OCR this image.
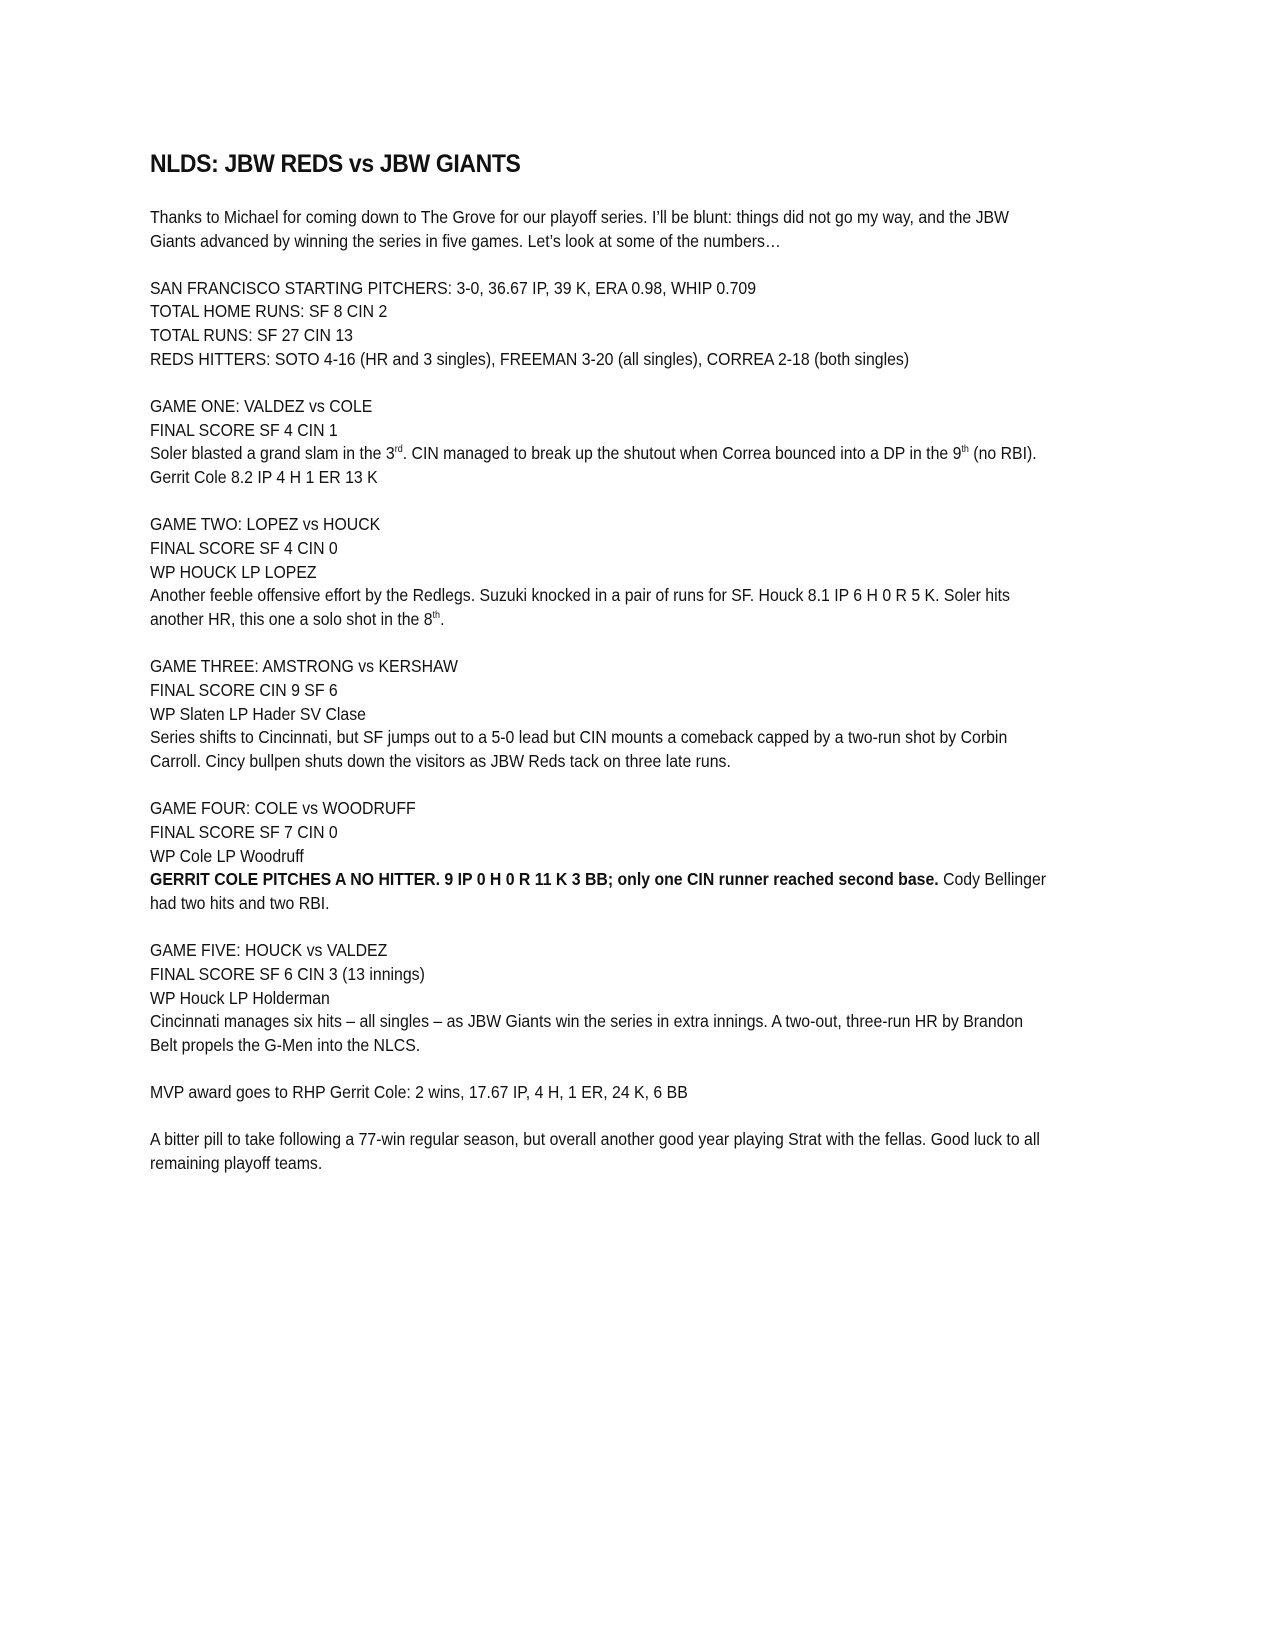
NLDS: JBW REDS vs JBW GIANTS
Thanks to Michael for coming down to The Grove for our playoff series. I’ll be blunt: things did not go my way, and the JBW
Giants advanced by winning the series in five games. Let’s look at some of the numbers…
SAN FRANCISCO STARTING PITCHERS: 3-0, 36.67 IP, 39 K, ERA 0.98, WHIP 0.709
TOTAL HOME RUNS: SF 8 CIN 2
TOTAL RUNS: SF 27 CIN 13
REDS HITTERS: SOTO 4-16 (HR and 3 singles), FREEMAN 3-20 (all singles), CORREA 2-18 (both singles)
GAME ONE: VALDEZ vs COLE
FINAL SCORE SF 4 CIN 1
Soler blasted a grand slam in the 3rd. CIN managed to break up the shutout when Correa bounced into a DP in the 9th (no RBI).
Gerrit Cole 8.2 IP 4 H 1 ER 13 K
GAME TWO: LOPEZ vs HOUCK
FINAL SCORE SF 4 CIN 0
WP HOUCK LP LOPEZ
Another feeble offensive effort by the Redlegs. Suzuki knocked in a pair of runs for SF. Houck 8.1 IP 6 H 0 R 5 K. Soler hits
another HR, this one a solo shot in the 8th.
GAME THREE: AMSTRONG vs KERSHAW
FINAL SCORE CIN 9 SF 6
WP Slaten LP Hader SV Clase
Series shifts to Cincinnati, but SF jumps out to a 5-0 lead but CIN mounts a comeback capped by a two-run shot by Corbin
Carroll. Cincy bullpen shuts down the visitors as JBW Reds tack on three late runs.
GAME FOUR: COLE vs WOODRUFF
FINAL SCORE SF 7 CIN 0
WP Cole LP Woodruff
GERRIT COLE PITCHES A NO HITTER. 9 IP 0 H 0 R 11 K 3 BB; only one CIN runner reached second base. Cody Bellinger
had two hits and two RBI.
GAME FIVE: HOUCK vs VALDEZ
FINAL SCORE SF 6 CIN 3 (13 innings)
WP Houck LP Holderman
Cincinnati manages six hits – all singles – as JBW Giants win the series in extra innings. A two-out, three-run HR by Brandon
Belt propels the G-Men into the NLCS.
MVP award goes to RHP Gerrit Cole: 2 wins, 17.67 IP, 4 H, 1 ER, 24 K, 6 BB
A bitter pill to take following a 77-win regular season, but overall another good year playing Strat with the fellas. Good luck to all
remaining playoff teams.
